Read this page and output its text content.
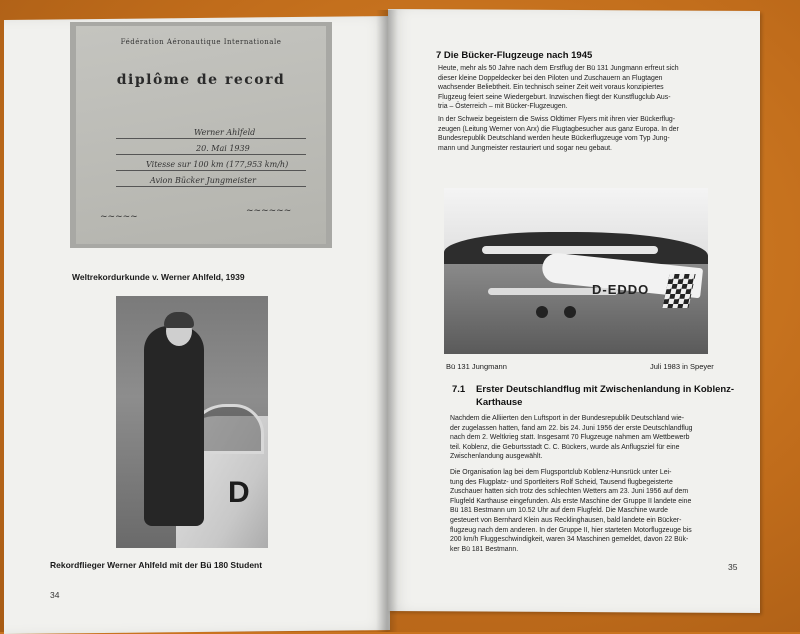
Fédération Aéronautique Internationale
diplôme de record
Werner Ahlfeld
20. Mai 1939
Vitesse sur 100 km (177,953 km/h)
Avion Bücker Jungmeister
~~~~~
~~~~~~
Weltrekordurkunde v. Werner Ahlfeld, 1939
D
Rekordflieger Werner Ahlfeld mit der Bü 180 Student
34
7 Die Bücker-Flugzeuge nach 1945
Heute, mehr als 50 Jahre nach dem Erstflug der Bü 131 Jungmann erfreut sich
dieser kleine Doppeldecker bei den Piloten und Zuschauern an Flugtagen
wachsender Beliebtheit. Ein technisch seiner Zeit weit voraus konzipiertes
Flugzeug feiert seine Wiedergeburt. Inzwischen fliegt der Kunstflugclub Aus-
tria – Österreich – mit Bücker-Flugzeugen.
In der Schweiz begeistern die Swiss Oldtimer Flyers mit ihren vier Bückerflug-
zeugen (Leitung Werner von Arx) die Flugtagbesucher aus ganz Europa. In der
Bundesrepublik Deutschland werden heute Bückerflugzeuge vom Typ Jung-
mann und Jungmeister restauriert und sogar neu gebaut.
D-EDDO
Bü 131 Jungmann	Juli 1983 in Speyer
7.1 Erster Deutschlandflug mit Zwischenlandung in Koblenz-
Karthause
Nachdem die Alliierten den Luftsport in der Bundesrepublik Deutschland wie-
der zugelassen hatten, fand am 22. bis 24. Juni 1956 der erste Deutschlandflug
nach dem 2. Weltkrieg statt. Insgesamt 70 Flugzeuge nahmen am Wettbewerb
teil. Koblenz, die Geburtsstadt C. C. Bückers, wurde als Anflugsziel für eine
Zwischenlandung ausgewählt.
Die Organisation lag bei dem Flugsportclub Koblenz-Hunsrück unter Lei-
tung des Flugplatz- und Sportleiters Rolf Scheid, Tausend flugbegeisterte
Zuschauer hatten sich trotz des schlechten Wetters am 23. Juni 1956 auf dem
Flugfeld Karthause eingefunden. Als erste Maschine der Gruppe II landete eine
Bü 181 Bestmann um 10.52 Uhr auf dem Flugfeld. Die Maschine wurde
gesteuert von Bernhard Klein aus Recklinghausen, bald landete ein Bücker-
flugzeug nach dem anderen. In der Gruppe II, hier starteten Motorflugzeuge bis
200 km/h Fluggeschwindigkeit, waren 34 Maschinen gemeldet, davon 22 Bük-
ker Bü 181 Bestmann.
35
